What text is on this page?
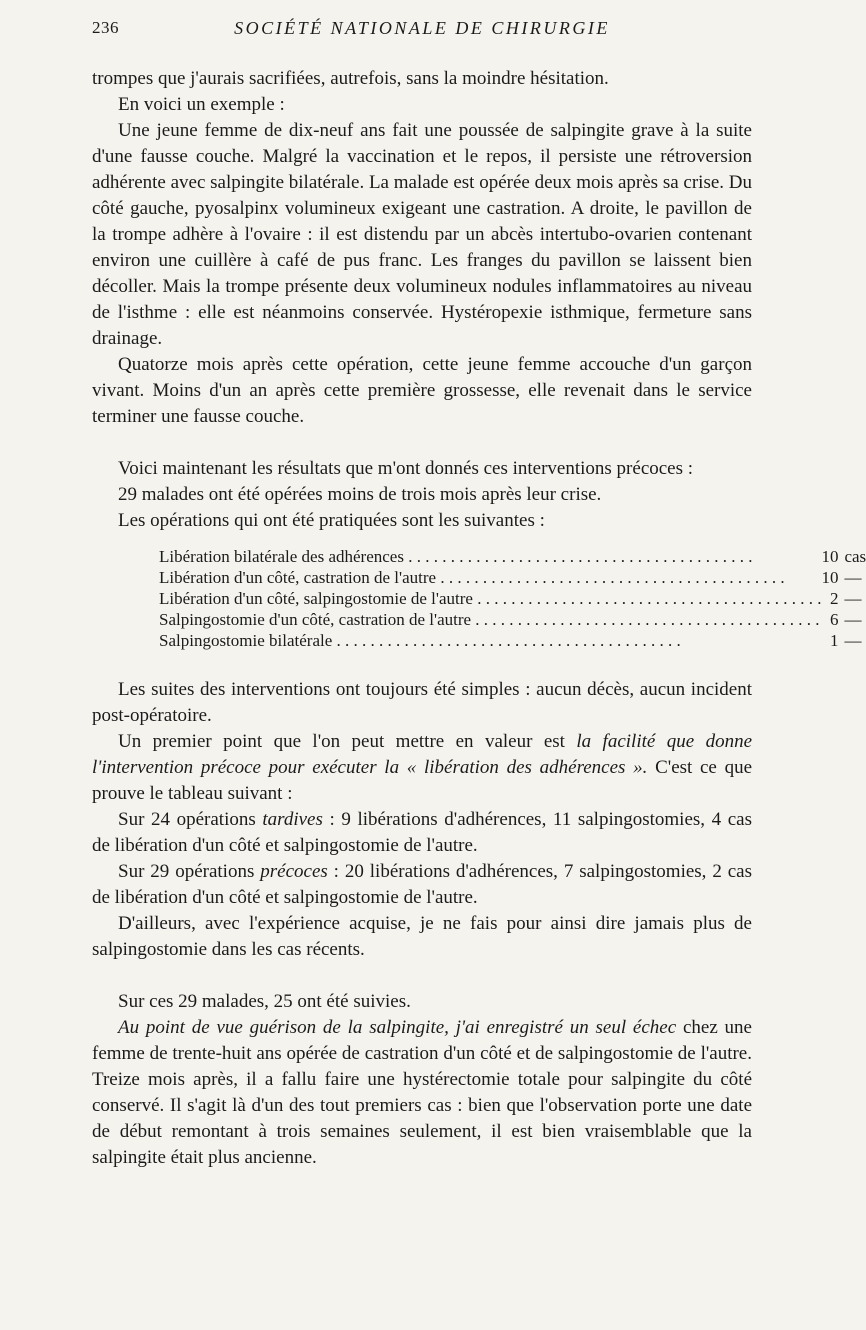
236	SOCIÉTÉ NATIONALE DE CHIRURGIE

trompes que j'aurais sacrifiées, autrefois, sans la moindre hésitation.

En voici un exemple :

Une jeune femme de dix-neuf ans fait une poussée de salpingite grave à la suite d'une fausse couche. Malgré la vaccination et le repos, il persiste une rétroversion adhérente avec salpingite bilatérale. La malade est opérée deux mois après sa crise. Du côté gauche, pyosalpinx volumineux exigeant une castration. A droite, le pavillon de la trompe adhère à l'ovaire : il est distendu par un abcès intertubo-ovarien contenant environ une cuillère à café de pus franc. Les franges du pavillon se laissent bien décoller. Mais la trompe présente deux volumineux nodules inflammatoires au niveau de l'isthme : elle est néanmoins conservée. Hystéropexie isthmique, fermeture sans drainage.

Quatorze mois après cette opération, cette jeune femme accouche d'un garçon vivant. Moins d'un an après cette première grossesse, elle revenait dans le service terminer une fausse couche.

Voici maintenant les résultats que m'ont donnés ces interventions précoces :

29 malades ont été opérées moins de trois mois après leur crise.

Les opérations qui ont été pratiquées sont les suivantes :

Libération bilatérale des adhérences . . .	10	cas
Libération d'un côté, castration de l'autre . . .	10	—
Libération d'un côté, salpingostomie de l'autre . . .	2	—
Salpingostomie d'un côté, castration de l'autre . . .	6	—
Salpingostomie bilatérale . . .	1	—

Les suites des interventions ont toujours été simples : aucun décès, aucun incident post-opératoire.

Un premier point que l'on peut mettre en valeur est la facilité que donne l'intervention précoce pour exécuter la « libération des adhérences ». C'est ce que prouve le tableau suivant :

Sur 24 opérations tardives : 9 libérations d'adhérences, 11 salpingostomies, 4 cas de libération d'un côté et salpingostomie de l'autre.

Sur 29 opérations précoces : 20 libérations d'adhérences, 7 salpingostomies, 2 cas de libération d'un côté et salpingostomie de l'autre.

D'ailleurs, avec l'expérience acquise, je ne fais pour ainsi dire jamais plus de salpingostomie dans les cas récents.

Sur ces 29 malades, 25 ont été suivies.

Au point de vue guérison de la salpingite, j'ai enregistré un seul échec chez une femme de trente-huit ans opérée de castration d'un côté et de salpingostomie de l'autre. Treize mois après, il a fallu faire une hystérectomie totale pour salpingite du côté conservé. Il s'agit là d'un des tout premiers cas : bien que l'observation porte une date de début remontant à trois semaines seulement, il est bien vraisemblable que la salpingite était plus ancienne.
